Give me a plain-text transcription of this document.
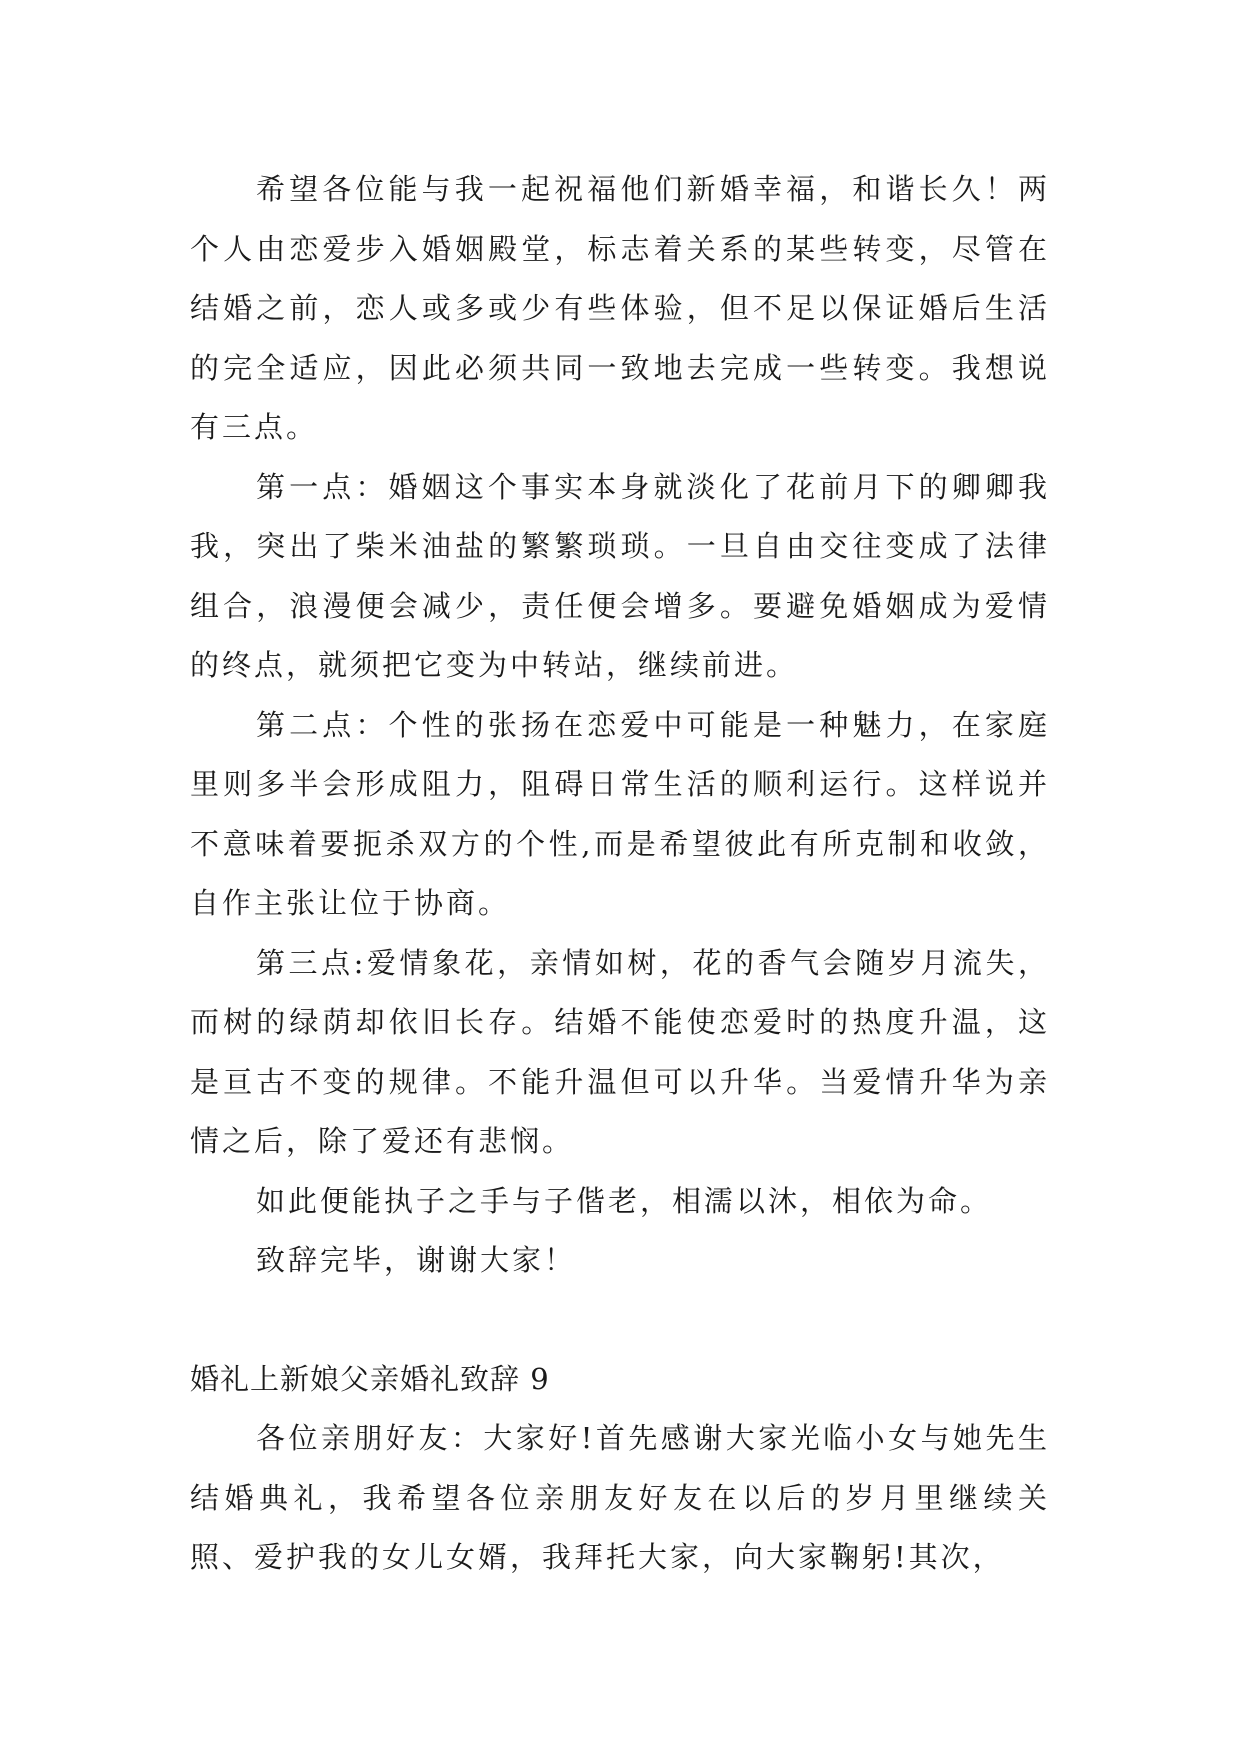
希望各位能与我一起祝福他们新婚幸福，和谐长久！两个人由恋爱步入婚姻殿堂，标志着关系的某些转变，尽管在结婚之前，恋人或多或少有些体验，但不足以保证婚后生活的完全适应，因此必须共同一致地去完成一些转变。我想说有三点。

第一点：婚姻这个事实本身就淡化了花前月下的卿卿我我，突出了柴米油盐的繁繁琐琐。一旦自由交往变成了法律组合，浪漫便会减少，责任便会增多。要避免婚姻成为爱情的终点，就须把它变为中转站，继续前进。

第二点：个性的张扬在恋爱中可能是一种魅力，在家庭里则多半会形成阻力，阻碍日常生活的顺利运行。这样说并不意味着要扼杀双方的个性,而是希望彼此有所克制和收敛，自作主张让位于协商。

第三点:爱情象花，亲情如树，花的香气会随岁月流失，而树的绿荫却依旧长存。结婚不能使恋爱时的热度升温，这是亘古不变的规律。不能升温但可以升华。当爱情升华为亲情之后，除了爱还有悲悯。

如此便能执子之手与子偕老，相濡以沐，相依为命。

致辞完毕，谢谢大家！

婚礼上新娘父亲婚礼致辞 9

各位亲朋好友：大家好!首先感谢大家光临小女与她先生结婚典礼，我希望各位亲朋友好友在以后的岁月里继续关照、爱护我的女儿女婿，我拜托大家，向大家鞠躬!其次，
